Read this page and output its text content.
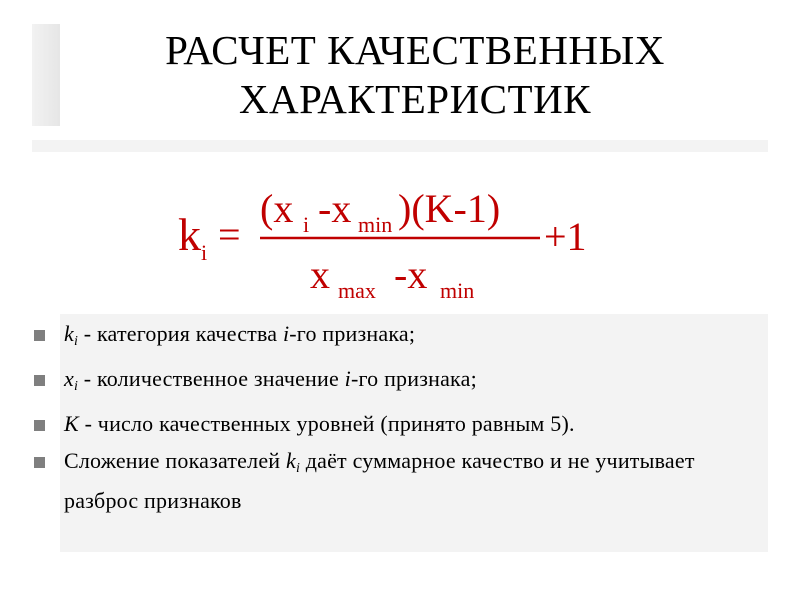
РАСЧЕТ КАЧЕСТВЕННЫХ
ХАРАКТЕРИСТИК
k i =
(x i -x min )(K-1)
x max -x min
+1
$k_i$ - категория качества i-го признака;
$x_i$ - количественное значение i-го признака;
K - число качественных уровней (принято равным 5).
Сложение показателей $k_i$ даёт суммарное качество и не учитывает разброс признаков
